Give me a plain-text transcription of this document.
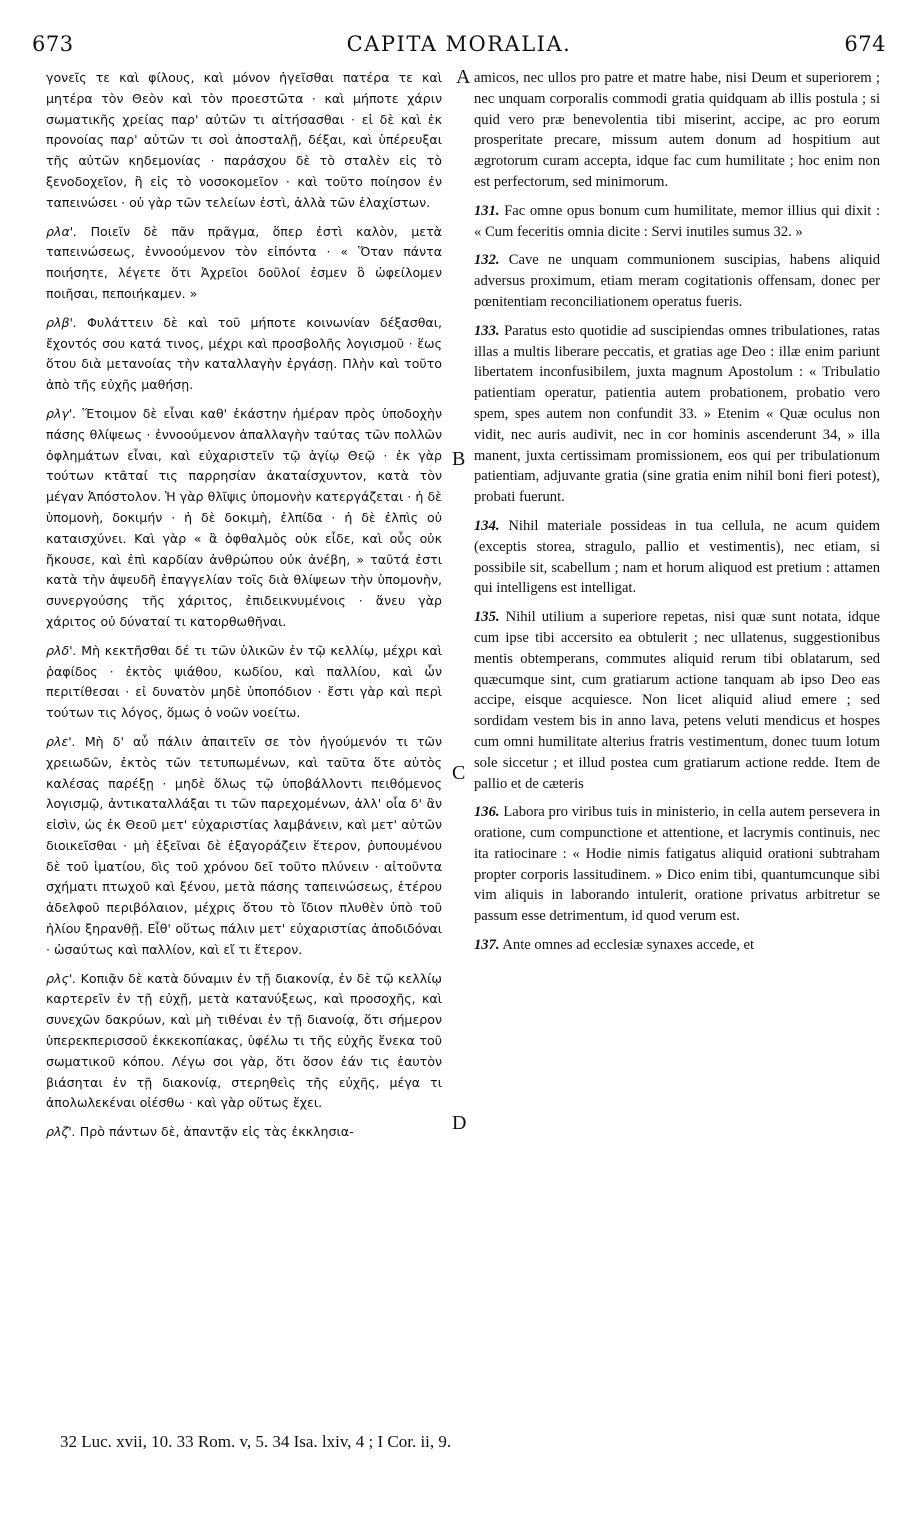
673	CAPITA MORALIA.	674

γονεῖς τε καὶ φίλους, καὶ μόνον ἡγεῖσθαι πατέρα τε καὶ μητέρα τὸν Θεὸν καὶ τὸν προεστῶτα · καὶ μήποτε χάριν σωματικῆς χρείας παρ' αὐτῶν τι αἰτήσασθαι · εἰ δὲ καὶ ἐκ προνοίας παρ' αὐτῶν τι σοὶ ἀποσταλῇ, δέξαι, καὶ ὑπέρευξαι τῆς αὐτῶν κηδεμονίας · παράσχου δὲ τὸ σταλὲν εἰς τὸ ξενοδοχεῖον, ἢ εἰς τὸ νοσοκομεῖον · καὶ τοῦτο ποίησον ἐν ταπεινώσει · οὐ γὰρ τῶν τελείων ἐστὶ, ἀλλὰ τῶν ἐλαχίστων.

ρλα'. Ποιεῖν δὲ πᾶν πρᾶγμα, ὅπερ ἐστὶ καλὸν, μετὰ ταπεινώσεως, ἐννοούμενον τὸν εἰπόντα · « Ὅταν πάντα ποιήσητε, λέγετε ὅτι Ἀχρεῖοι δοῦλοί ἐσμεν ὃ ὠφείλομεν ποιῆσαι, πεποιήκαμεν. »

ρλβ'. Φυλάττειν δὲ καὶ τοῦ μήποτε κοινωνίαν δέξασθαι, ἔχοντός σου κατά τινος, μέχρι καὶ προσβολῆς λογισμοῦ · ἕως ὅτου διὰ μετανοίας τὴν καταλλαγὴν ἐργάσῃ. Πλὴν καὶ τοῦτο ἀπὸ τῆς εὐχῆς μαθήσῃ.

ρλγ'. Ἕτοιμον δὲ εἶναι καθ' ἑκάστην ἡμέραν πρὸς ὑποδοχὴν πάσης θλίψεως · ἐννοούμενον ἀπαλλαγὴν ταύτας τῶν πολλῶν ὀφλημάτων εἶναι, καὶ εὐχαριστεῖν τῷ ἁγίῳ Θεῷ · ἐκ γὰρ τούτων κτᾶταί τις παρρησίαν ἀκαταίσχυντον, κατὰ τὸν μέγαν Ἀπόστολον. Ἡ γὰρ θλῖψις ὑπομονὴν κατεργάζεται · ἡ δὲ ὑπομονὴ, δοκιμήν · ἡ δὲ δοκιμὴ, ἐλπίδα · ἡ δὲ ἐλπὶς οὐ καταισχύνει. Καὶ γὰρ « ἃ ὀφθαλμὸς οὐκ εἶδε, καὶ οὖς οὐκ ἤκουσε, καὶ ἐπὶ καρδίαν ἀνθρώπου οὐκ ἀνέβη, » ταῦτά ἐστι κατὰ τὴν ἀψευδῆ ἐπαγγελίαν τοῖς διὰ θλίψεων τὴν ὑπομονὴν, συνεργούσης τῆς χάριτος, ἐπιδεικνυμένοις · ἄνευ γὰρ χάριτος οὐ δύναταί τι κατορθωθῆναι.

ρλδ'. Μὴ κεκτῆσθαι δέ τι τῶν ὑλικῶν ἐν τῷ κελλίῳ, μέχρι καὶ ῥαφίδος · ἐκτὸς ψιάθου, κωδίου, καὶ παλλίου, καὶ ὧν περιτίθεσαι · εἰ δυνατὸν μηδὲ ὑποπόδιον · ἔστι γὰρ καὶ περὶ τούτων τις λόγος, ὅμως ὁ νοῶν νοείτω.

ρλε'. Μὴ δ' αὖ πάλιν ἀπαιτεῖν σε τὸν ἡγούμενόν τι τῶν χρειωδῶν, ἐκτὸς τῶν τετυπωμένων, καὶ ταῦτα ὅτε αὐτὸς καλέσας παρέξῃ · μηδὲ ὅλως τῷ ὑποβάλλοντι πειθόμενος λογισμῷ, ἀντικαταλλάξαι τι τῶν παρεχομένων, ἀλλ' οἷα δ' ἂν εἰσὶν, ὡς ἐκ Θεοῦ μετ' εὐχαριστίας λαμβάνειν, καὶ μετ' αὐτῶν διοικεῖσθαι · μὴ ἐξεῖναι δὲ ἐξαγοράζειν ἕτερον, ῥυπουμένου δὲ τοῦ ἱματίου, δὶς τοῦ χρόνου δεῖ τοῦτο πλύνειν · αἰτοῦντα σχήματι πτωχοῦ καὶ ξένου, μετὰ πάσης ταπεινώσεως, ἑτέρου ἀδελφοῦ περιβόλαιον, μέχρις ὅτου τὸ ἴδιον πλυθὲν ὑπὸ τοῦ ἡλίου ξηρανθῇ. Εἶθ' οὕτως πάλιν μετ' εὐχαριστίας ἀποδιδόναι · ὡσαύτως καὶ παλλίον, καὶ εἴ τι ἕτερον.

ρλς'. Κοπιᾷν δὲ κατὰ δύναμιν ἐν τῇ διακονίᾳ, ἐν δὲ τῷ κελλίῳ καρτερεῖν ἐν τῇ εὐχῇ, μετὰ κατανύξεως, καὶ προσοχῆς, καὶ συνεχῶν δακρύων, καὶ μὴ τιθέναι ἐν τῇ διανοίᾳ, ὅτι σήμερον ὑπερεκπερισσοῦ ἐκκεκοπίακας, ὑφέλω τι τῆς εὐχῆς ἕνεκα τοῦ σωματικοῦ κόπου. Λέγω σοι γὰρ, ὅτι ὅσον ἐάν τις ἑαυτὸν βιάσηται ἐν τῇ διακονίᾳ, στερηθεὶς τῆς εὐχῆς, μέγα τι ἀπολωλεκέναι οἰέσθω · καὶ γὰρ οὕτως ἔχει.

ρλζ'. Πρὸ πάντων δὲ, ἀπαντᾷν εἰς τὰς ἐκκλησια-

amicos, nec ullos pro patre et matre habe, nisi Deum et superiorem ; nec unquam corporalis commodi gratia quidquam ab illis postula ; si quid vero præ benevolentia tibi miserint, accipe, ac pro eorum prosperitate precare, missum autem donum ad hospitium aut ægrotorum curam accepta, idque fac cum humilitate ; hoc enim non est perfectorum, sed minimorum.

131. Fac omne opus bonum cum humilitate, memor illius qui dixit : « Cum feceritis omnia dicite : Servi inutiles sumus 32. »

132. Cave ne unquam communionem suscipias, habens aliquid adversus proximum, etiam meram cogitationis offensam, donec per pœnitentiam reconciliationem operatus fueris.

133. Paratus esto quotidie ad suscipiendas omnes tribulationes, ratas illas a multis liberare peccatis, et gratias age Deo : illæ enim pariunt libertatem inconfusibilem, juxta magnum Apostolum : « Tribulatio patientiam operatur, patientia autem probationem, probatio vero spem, spes autem non confundit 33. » Etenim « Quæ oculus non vidit, nec auris audivit, nec in cor hominis ascenderunt 34, » illa manent, juxta certissimam promissionem, eos qui per tribulationum patientiam, adjuvante gratia (sine gratia enim nihil boni fieri potest), probati fuerunt.

134. Nihil materiale possideas in tua cellula, ne acum quidem (exceptis storea, stragulo, pallio et vestimentis), nec etiam, si possibile sit, scabellum ; nam et horum aliquod est pretium : attamen qui intelligens est intelligat.

135. Nihil utilium a superiore repetas, nisi quæ sunt notata, idque cum ipse tibi accersito ea obtulerit ; nec ullatenus, suggestionibus mentis obtemperans, commutes aliquid rerum tibi oblatarum, sed quæcumque sint, cum gratiarum actione tanquam ab ipso Deo eas accipe, eisque acquiesce. Non licet aliquid aliud emere ; sed sordidam vestem bis in anno lava, petens veluti mendicus et hospes cum omni humilitate alterius fratris vestimentum, donec tuum lotum sole siccetur ; et illud postea cum gratiarum actione redde. Item de pallio et de cæteris

136. Labora pro viribus tuis in ministerio, in cella autem persevera in oratione, cum compunctione et attentione, et lacrymis continuis, nec ita ratiocinare : « Hodie nimis fatigatus aliquid orationi subtraham propter corporis lassitudinem. » Dico enim tibi, quantumcunque sibi vim aliquis in laborando intulerit, oratione privatus arbitretur se passum esse detrimentum, id quod verum est.

137. Ante omnes ad ecclesiæ synaxes accede, et

A
B
C
D
32 Luc. xvii, 10. 33 Rom. v, 5. 34 Isa. lxiv, 4 ; I Cor. ii, 9.
